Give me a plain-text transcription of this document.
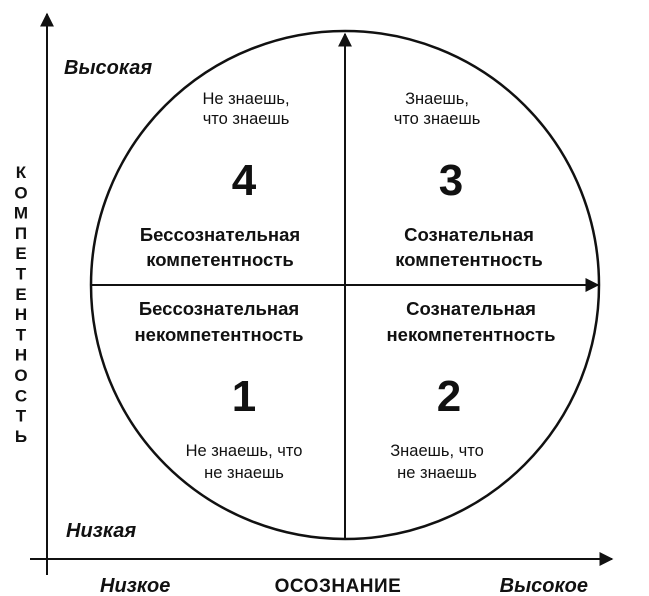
Высокая
Низкая
Низкое	ОСОЗНАНИЕ	Высокое
К
О
М
П
Е
Т
Е
Н
Т
Н
О
С
Т
Ь
Не знаешь,
что знаешь
4
Бессознательная
компетентность
Знаешь,
что знаешь
3
Сознательная
компетентность
Бессознательная
некомпетентность
1
Не знаешь, что
не знаешь
Сознательная
некомпетентность
2
Знаешь, что
не знаешь
